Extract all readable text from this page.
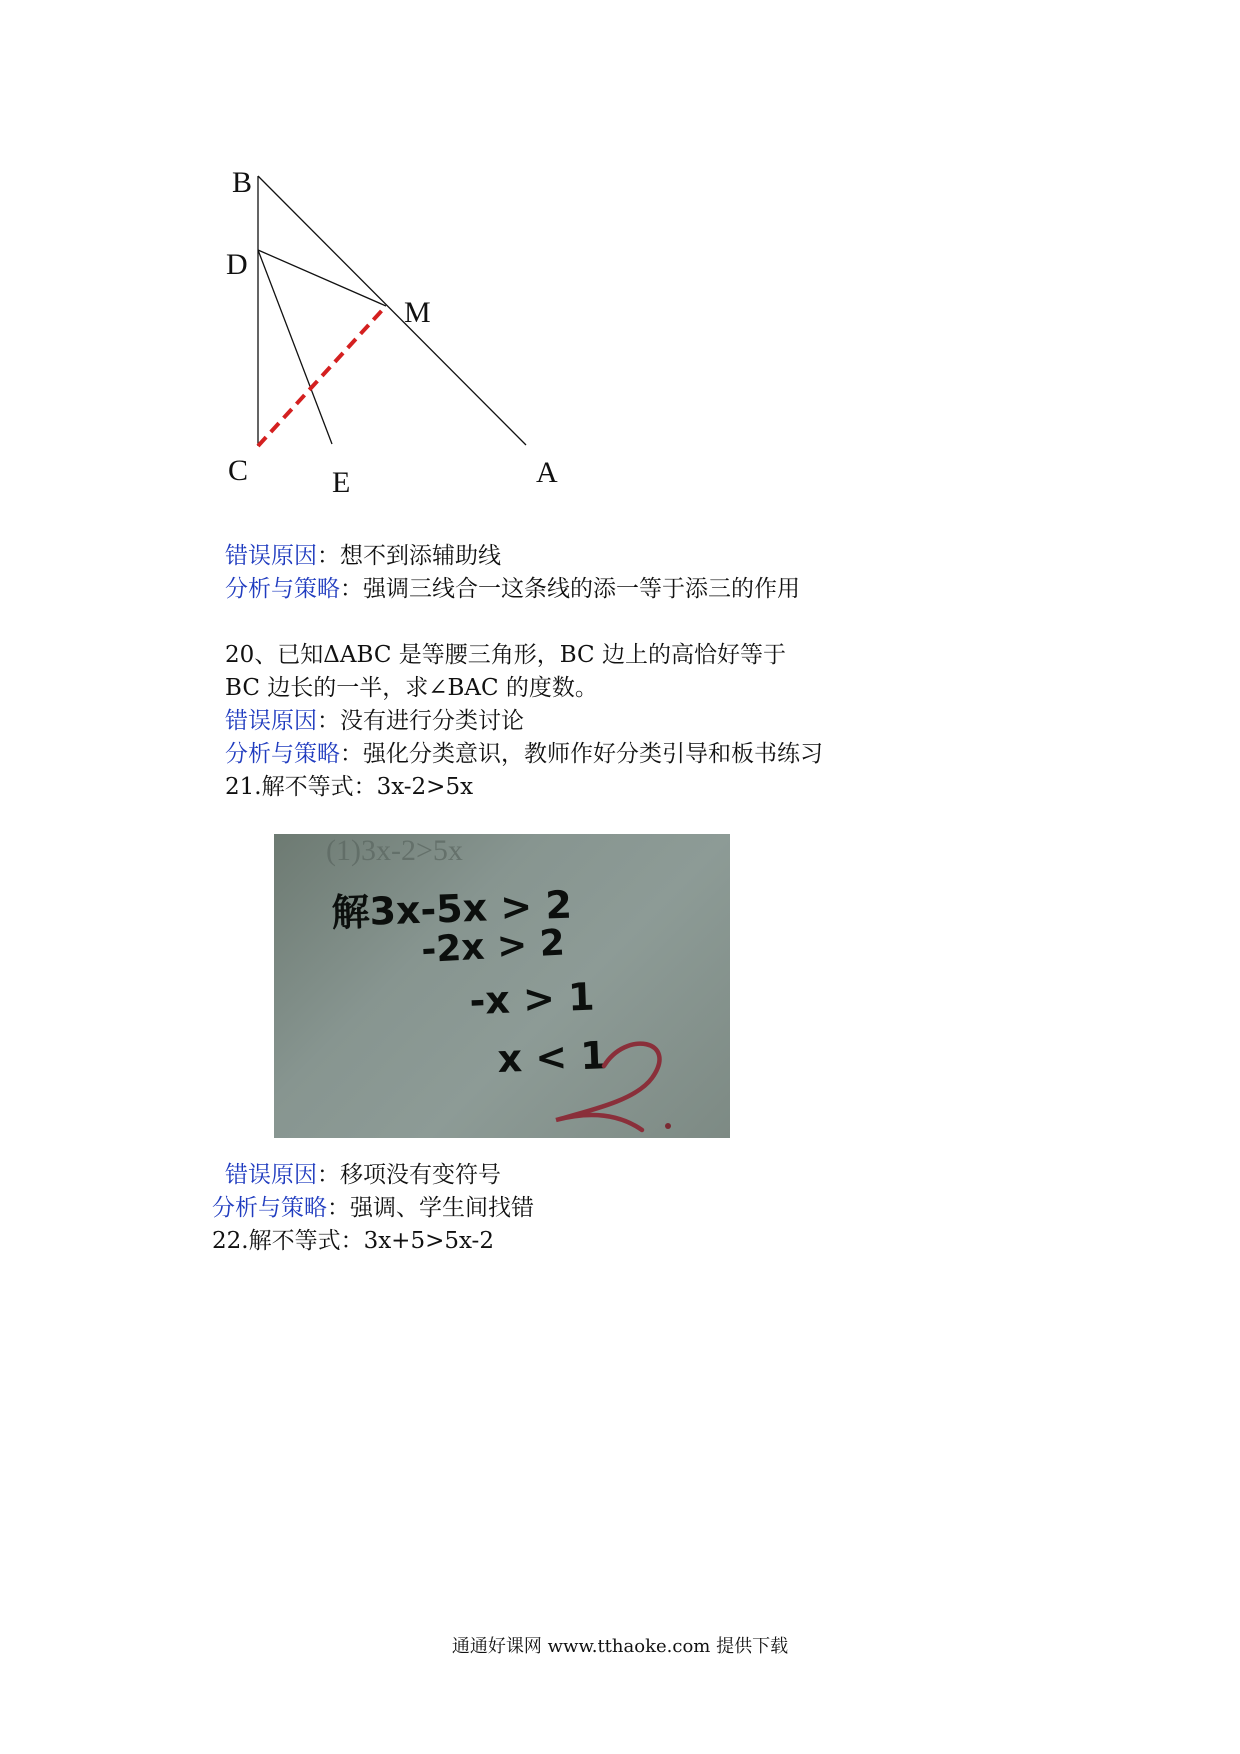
B
D
M
C	E	A
错误原因：想不到添辅助线
分析与策略：强调三线合一这条线的添一等于添三的作用
20、已知ΔABC 是等腰三角形，BC 边上的高恰好等于
BC 边长的一半，求∠BAC 的度数。
错误原因：没有进行分类讨论
分析与策略：强化分类意识，教师作好分类引导和板书练习
21.解不等式：3x-2>5x
(1)3x-2>5x
解3x-5x > 2
-2x > 2
-x > 1
x < 1
错误原因：移项没有变符号
分析与策略：强调、学生间找错
22.解不等式：3x+5>5x-2
通通好课网 www.tthaoke.com 提供下载
